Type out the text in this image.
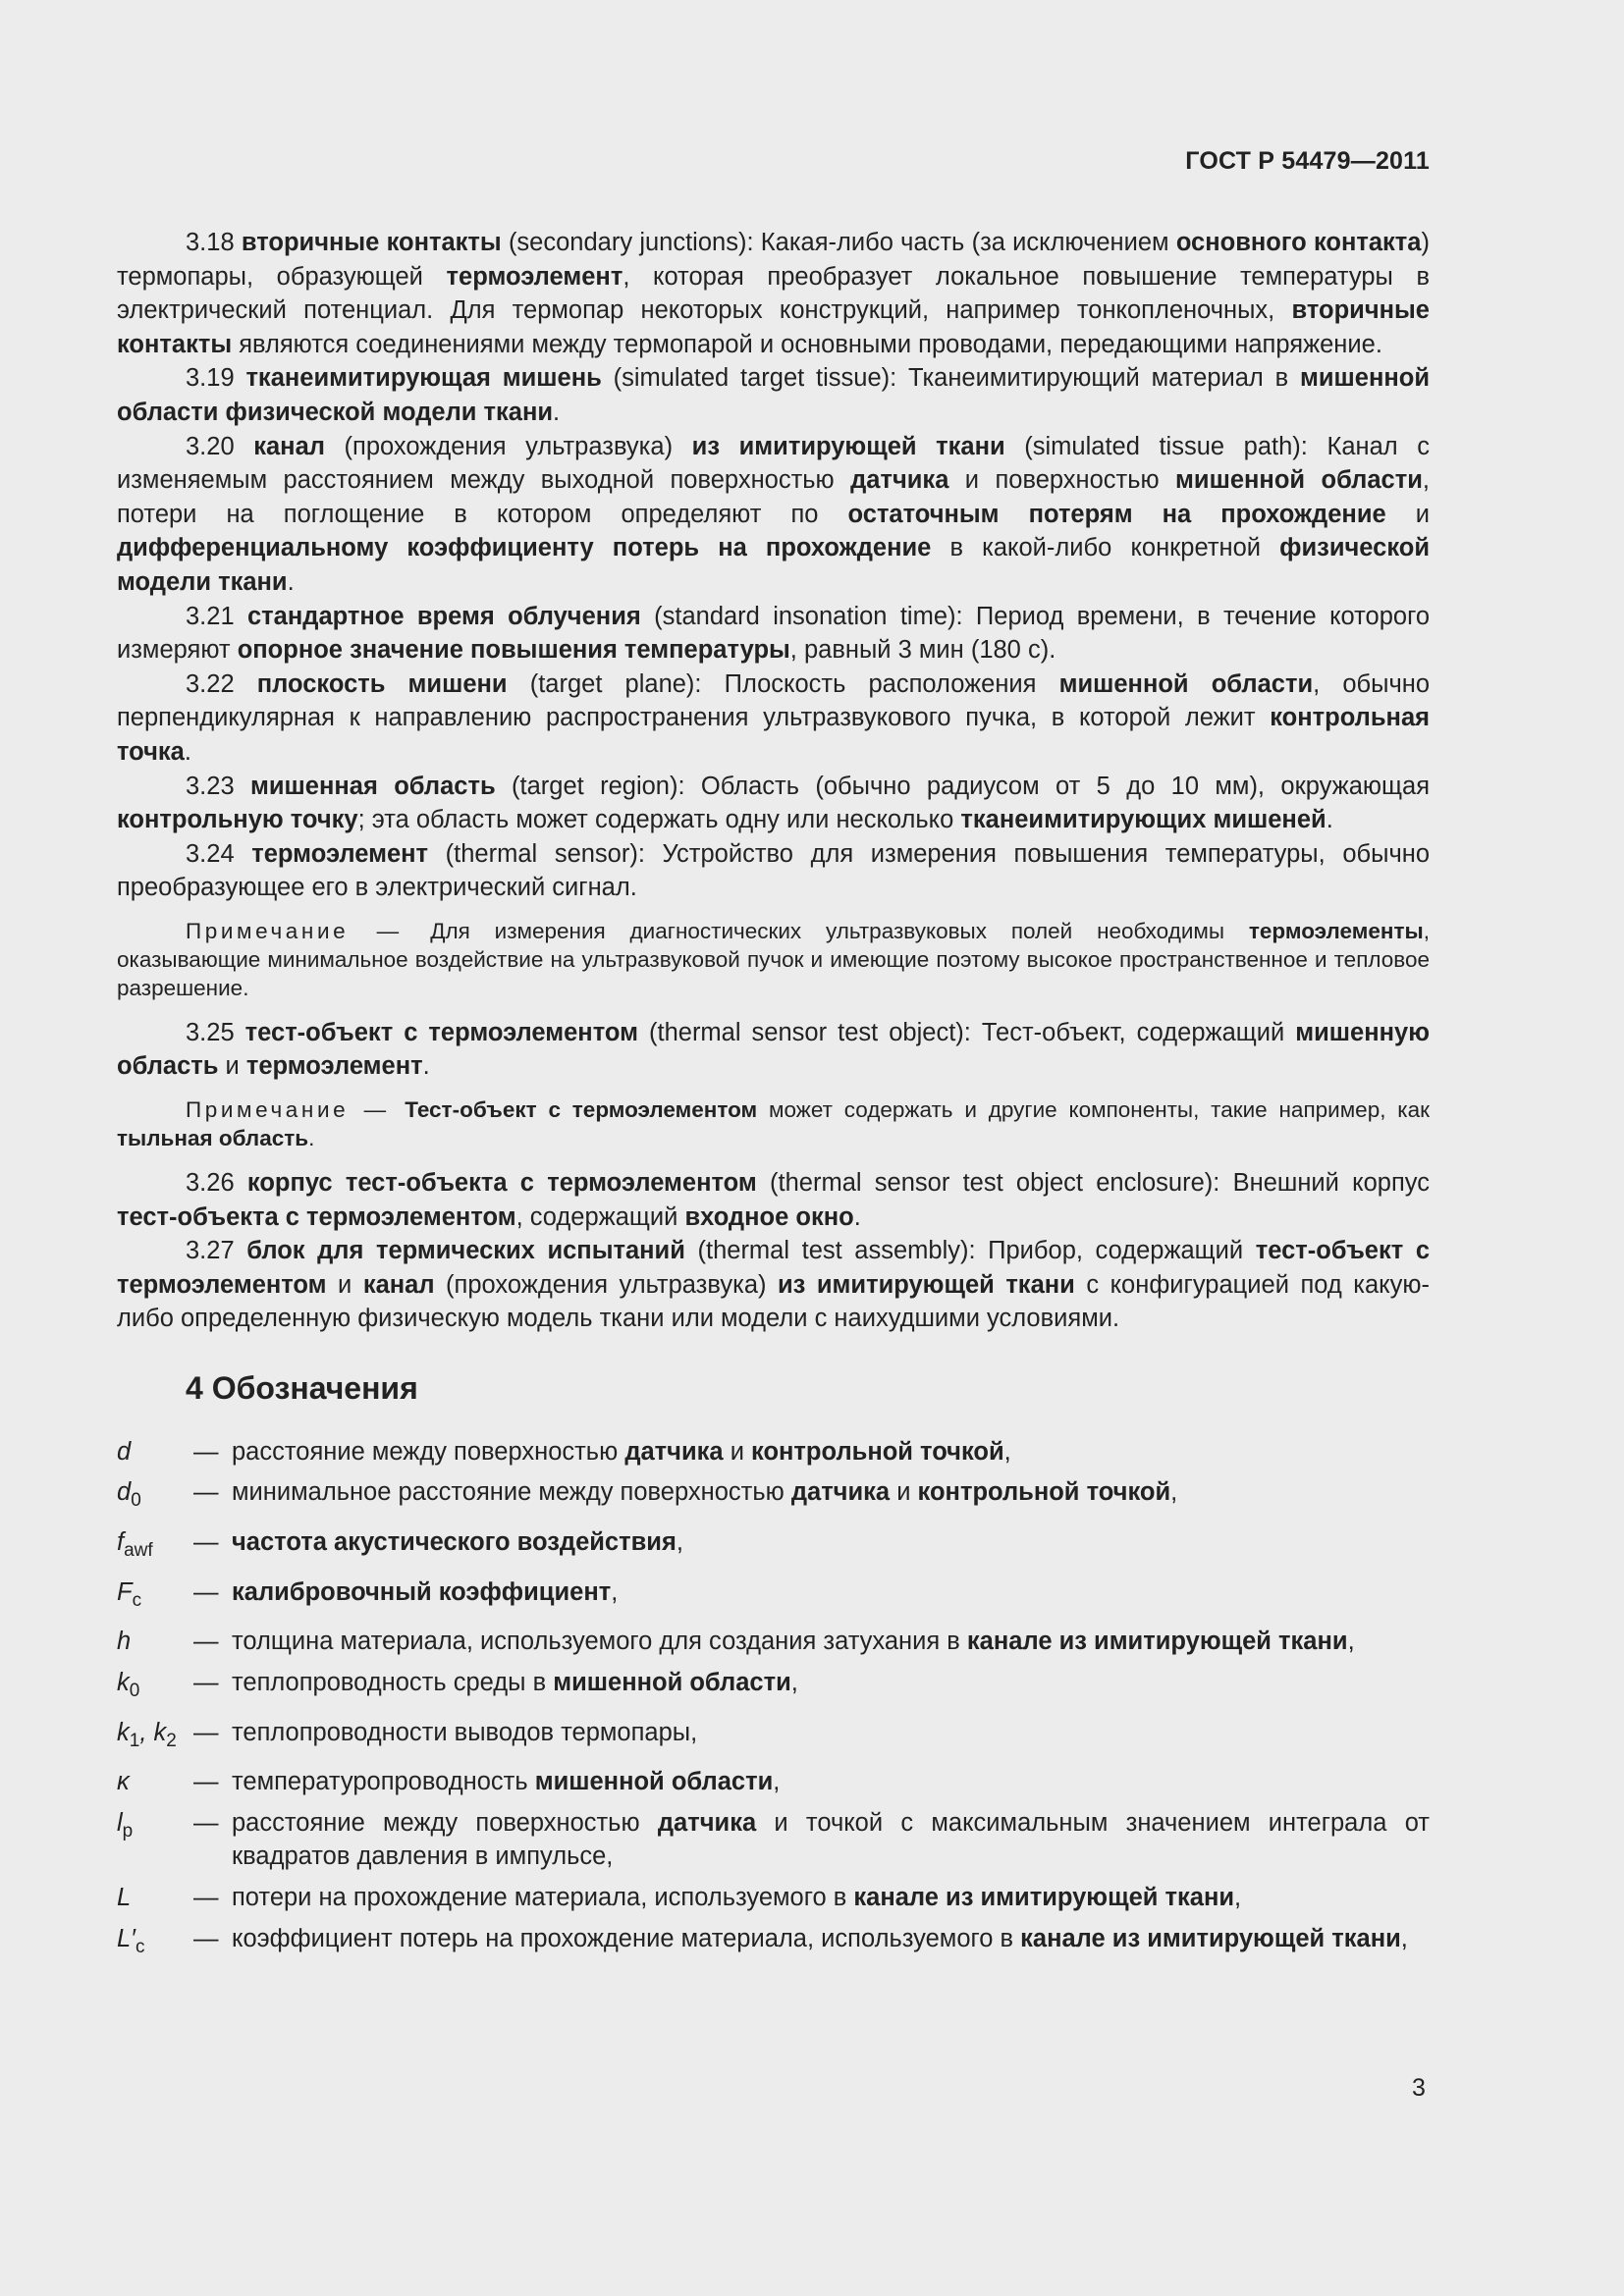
ГОСТ Р 54479—2011

3.18 вторичные контакты (secondary junctions): Какая-либо часть (за исключением основного контакта) термопары, образующей термоэлемент, которая преобразует локальное повышение температуры в электрический потенциал. Для термопар некоторых конструкций, например тонкопленочных, вторичные контакты являются соединениями между термопарой и основными проводами, передающими напряжение.

3.19 тканеимитирующая мишень (simulated target tissue): Тканеимитирующий материал в мишенной области физической модели ткани.

3.20 канал (прохождения ультразвука) из имитирующей ткани (simulated tissue path): Канал с изменяемым расстоянием между выходной поверхностью датчика и поверхностью мишенной области, потери на поглощение в котором определяют по остаточным потерям на прохождение и дифференциальному коэффициенту потерь на прохождение в какой-либо конкретной физической модели ткани.

3.21 стандартное время облучения (standard insonation time): Период времени, в течение которого измеряют опорное значение повышения температуры, равный 3 мин (180 с).

3.22 плоскость мишени (target plane): Плоскость расположения мишенной области, обычно перпендикулярная к направлению распространения ультразвукового пучка, в которой лежит контрольная точка.

3.23 мишенная область (target region): Область (обычно радиусом от 5 до 10 мм), окружающая контрольную точку; эта область может содержать одну или несколько тканеимитирующих мишеней.

3.24 термоэлемент (thermal sensor): Устройство для измерения повышения температуры, обычно преобразующее его в электрический сигнал.

Примечание — Для измерения диагностических ультразвуковых полей необходимы термоэлементы, оказывающие минимальное воздействие на ультразвуковой пучок и имеющие поэтому высокое пространственное и тепловое разрешение.

3.25 тест-объект с термоэлементом (thermal sensor test object): Тест-объект, содержащий мишенную область и термоэлемент.

Примечание — Тест-объект с термоэлементом может содержать и другие компоненты, такие например, как тыльная область.

3.26 корпус тест-объекта с термоэлементом (thermal sensor test object enclosure): Внешний корпус тест-объекта с термоэлементом, содержащий входное окно.

3.27 блок для термических испытаний (thermal test assembly): Прибор, содержащий тест-объект с термоэлементом и канал (прохождения ультразвука) из имитирующей ткани с конфигурацией под какую-либо определенную физическую модель ткани или модели с наихудшими условиями.

4 Обозначения

d	— расстояние между поверхностью датчика и контрольной точкой,
$d_0$	— минимальное расстояние между поверхностью датчика и контрольной точкой,
$f_{awf}$	— частота акустического воздействия,
$F_c$	— калибровочный коэффициент,
h	— толщина материала, используемого для создания затухания в канале из имитирующей ткани,
$k_0$	— теплопроводность среды в мишенной области,
$k_1$, $k_2$ — теплопроводности выводов термопары,
κ	— температуропроводность мишенной области,
$l_p$	— расстояние между поверхностью датчика и точкой с максимальным значением интеграла от квадратов давления в импульсе,
L	— потери на прохождение материала, используемого в канале из имитирующей ткани,
$L'_c$	— коэффициент потерь на прохождение материала, используемого в канале из имитирующей ткани,
3
